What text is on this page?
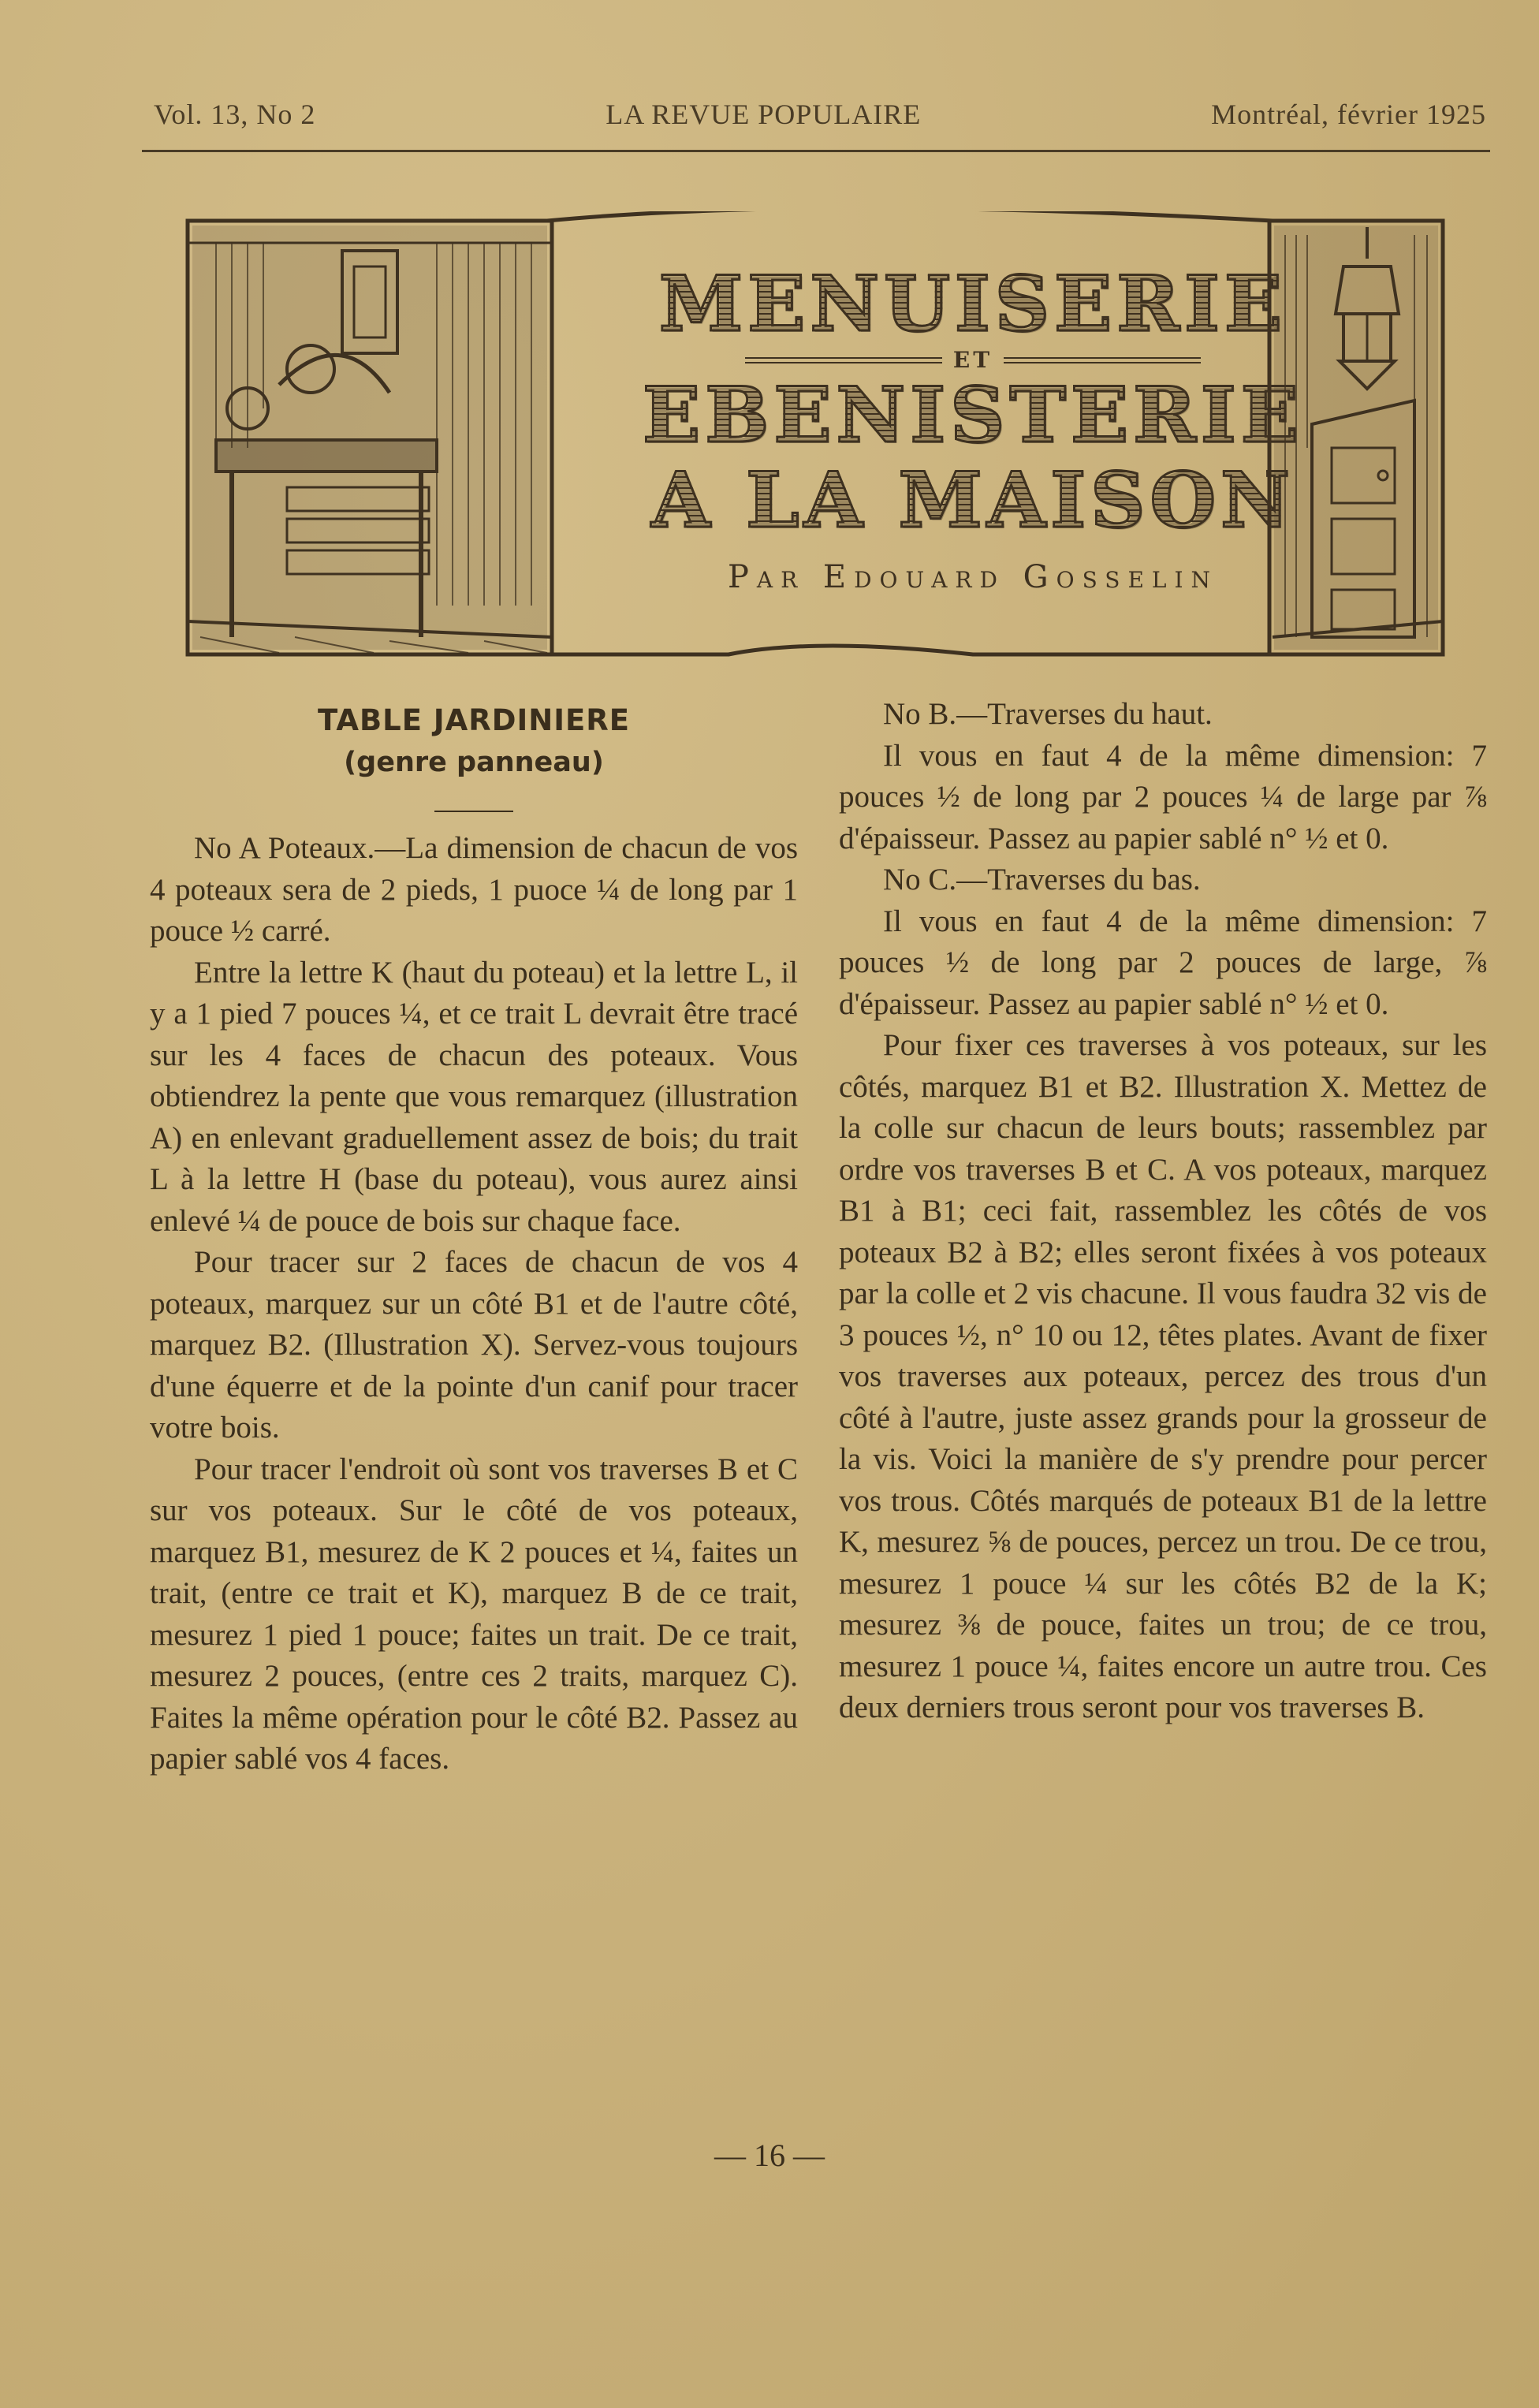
Vol. 13, No 2	LA REVUE POPULAIRE	Montréal, février 1925
MENUISERIE
ET
EBENISTERIE
A LA MAISON
Par Edouard Gosselin
TABLE JARDINIERE
(genre panneau)

No A Poteaux.—La dimension de chacun de vos 4 poteaux sera de 2 pieds, 1 puoce ¼ de long par 1 pouce ½ carré.

Entre la lettre K (haut du poteau) et la lettre L, il y a 1 pied 7 pouces ¼, et ce trait L devrait être tracé sur les 4 faces de chacun des poteaux. Vous obtiendrez la pente que vous remarquez (illustration A) en enlevant graduellement assez de bois; du trait L à la lettre H (base du poteau), vous aurez ainsi enlevé ¼ de pouce de bois sur chaque face.

Pour tracer sur 2 faces de chacun de vos 4 poteaux, marquez sur un côté B1 et de l'autre côté, marquez B2. (Illustration X). Servez-vous toujours d'une équerre et de la pointe d'un canif pour tracer votre bois.

Pour tracer l'endroit où sont vos traverses B et C sur vos poteaux. Sur le côté de vos poteaux, marquez B1, mesurez de K 2 pouces et ¼, faites un trait, (entre ce trait et K), marquez B de ce trait, mesurez 1 pied 1 pouce; faites un trait. De ce trait, mesurez 2 pouces, (entre ces 2 traits, marquez C). Faites la même opération pour le côté B2. Passez au papier sablé vos 4 faces.

No B.—Traverses du haut.

Il vous en faut 4 de la même dimension: 7 pouces ½ de long par 2 pouces ¼ de large par ⅞ d'épaisseur. Passez au papier sablé n° ½ et 0.

No C.—Traverses du bas.

Il vous en faut 4 de la même dimension: 7 pouces ½ de long par 2 pouces de large, ⅞ d'épaisseur. Passez au papier sablé n° ½ et 0.

Pour fixer ces traverses à vos poteaux, sur les côtés, marquez B1 et B2. Illustration X. Mettez de la colle sur chacun de leurs bouts; rassemblez par ordre vos traverses B et C. A vos poteaux, marquez B1 à B1; ceci fait, rassemblez les côtés de vos poteaux B2 à B2; elles seront fixées à vos poteaux par la colle et 2 vis chacune. Il vous faudra 32 vis de 3 pouces ½, n° 10 ou 12, têtes plates. Avant de fixer vos traverses aux poteaux, percez des trous d'un côté à l'autre, juste assez grands pour la grosseur de la vis. Voici la manière de s'y prendre pour percer vos trous. Côtés marqués de poteaux B1 de la lettre K, mesurez ⅝ de pouces, percez un trou. De ce trou, mesurez 1 pouce ¼ sur les côtés B2 de la K; mesurez ⅜ de pouce, faites un trou; de ce trou, mesurez 1 pouce ¼, faites encore un autre trou. Ces deux derniers trous seront pour vos traverses B.

— 16 —
